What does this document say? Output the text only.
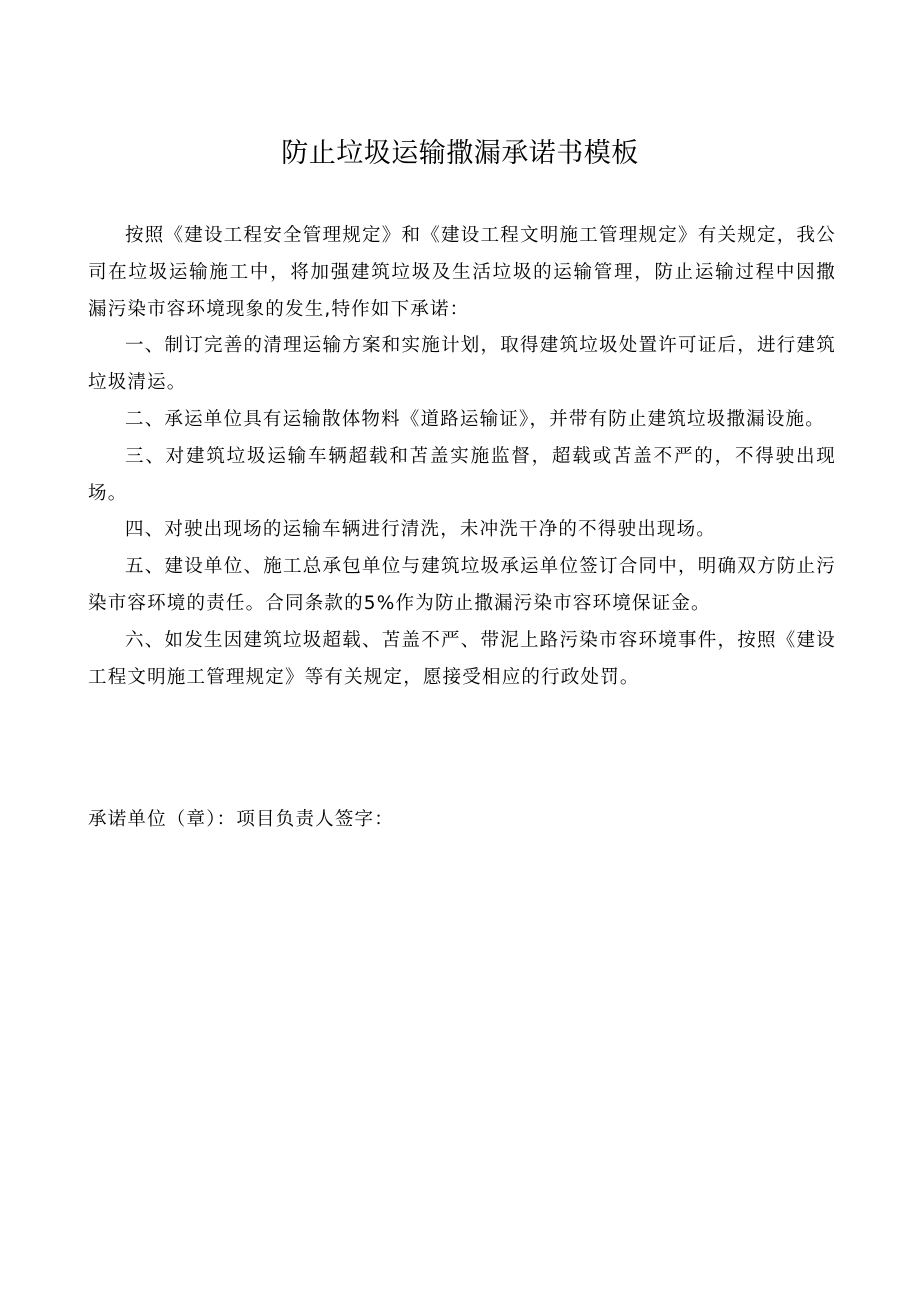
防止垃圾运输撒漏承诺书模板

按照《建设工程安全管理规定》和《建设工程文明施工管理规定》有关规定，我公司在垃圾运输施工中，将加强建筑垃圾及生活垃圾的运输管理，防止运输过程中因撒漏污染市容环境现象的发生,特作如下承诺：

一、制订完善的清理运输方案和实施计划，取得建筑垃圾处置许可证后，进行建筑垃圾清运。

二、承运单位具有运输散体物料《道路运输证》，并带有防止建筑垃圾撒漏设施。

三、对建筑垃圾运输车辆超载和苫盖实施监督，超载或苫盖不严的，不得驶出现场。

四、对驶出现场的运输车辆进行清洗，未冲洗干净的不得驶出现场。

五、建设单位、施工总承包单位与建筑垃圾承运单位签订合同中，明确双方防止污染市容环境的责任。合同条款的5%作为防止撒漏污染市容环境保证金。

六、如发生因建筑垃圾超载、苫盖不严、带泥上路污染市容环境事件，按照《建设工程文明施工管理规定》等有关规定，愿接受相应的行政处罚。

承诺单位（章）：项目负责人签字：
